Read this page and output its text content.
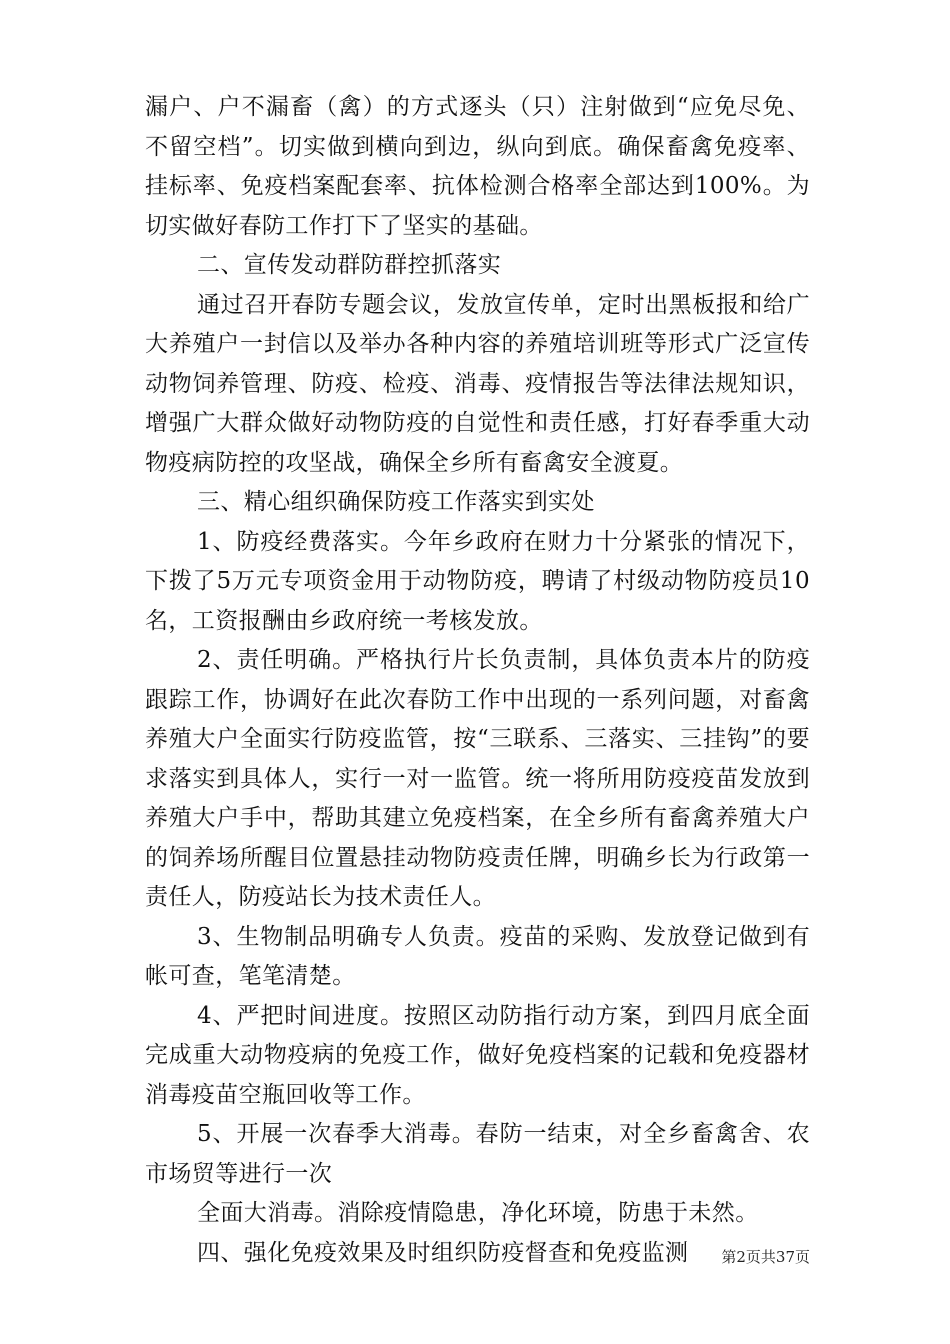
漏户、户不漏畜（禽）的方式逐头（只）注射做到“应免尽免、不留空档”。切实做到横向到边，纵向到底。确保畜禽免疫率、挂标率、免疫档案配套率、抗体检测合格率全部达到100%。为切实做好春防工作打下了坚实的基础。

二、宣传发动群防群控抓落实

通过召开春防专题会议，发放宣传单，定时出黑板报和给广大养殖户一封信以及举办各种内容的养殖培训班等形式广泛宣传动物饲养管理、防疫、检疫、消毒、疫情报告等法律法规知识，增强广大群众做好动物防疫的自觉性和责任感，打好春季重大动物疫病防控的攻坚战，确保全乡所有畜禽安全渡夏。

三、精心组织确保防疫工作落实到实处

1、防疫经费落实。今年乡政府在财力十分紧张的情况下，下拨了5万元专项资金用于动物防疫，聘请了村级动物防疫员10名，工资报酬由乡政府统一考核发放。

2、责任明确。严格执行片长负责制，具体负责本片的防疫跟踪工作，协调好在此次春防工作中出现的一系列问题，对畜禽养殖大户全面实行防疫监管，按“三联系、三落实、三挂钩”的要求落实到具体人，实行一对一监管。统一将所用防疫疫苗发放到养殖大户手中，帮助其建立免疫档案，在全乡所有畜禽养殖大户的饲养场所醒目位置悬挂动物防疫责任牌，明确乡长为行政第一责任人，防疫站长为技术责任人。

3、生物制品明确专人负责。疫苗的采购、发放登记做到有帐可查，笔笔清楚。

4、严把时间进度。按照区动防指行动方案，到四月底全面完成重大动物疫病的免疫工作，做好免疫档案的记载和免疫器材消毒疫苗空瓶回收等工作。

5、开展一次春季大消毒。春防一结束，对全乡畜禽舍、农市场贸等进行一次

全面大消毒。消除疫情隐患，净化环境，防患于未然。

四、强化免疫效果及时组织防疫督查和免疫监测	第2页共37页
